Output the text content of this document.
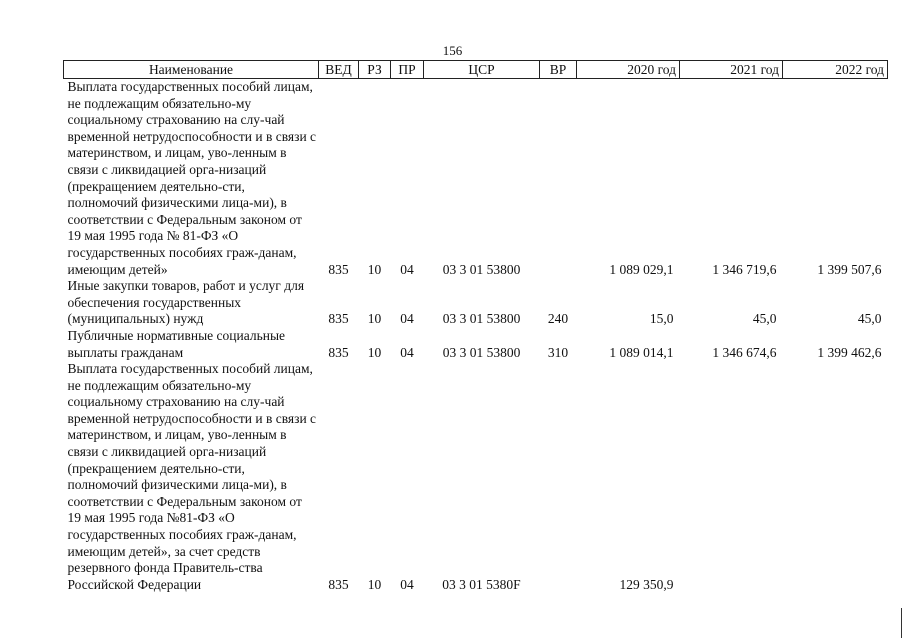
156
Наименование	ВЕД	РЗ	ПР	ЦСР	ВР	2020 год	2021 год	2022 год
Выплата государственных пособий лицам, не подлежащим обязательно-му социальному страхованию на слу-чай временной нетрудоспособности и в связи с материнством, и лицам, уво-ленным в связи с ликвидацией орга-низаций (прекращением деятельно-сти, полномочий физическими лица-ми), в соответствии с Федеральным законом от 19 мая 1995 года № 81-ФЗ «О государственных пособиях граж-данам, имеющим детей»	835	10	04	03 3 01 53800		1 089 029,1	1 346 719,6	1 399 507,6
Иные закупки товаров, работ и услуг для обеспечения государственных (муниципальных) нужд	835	10	04	03 3 01 53800	240	15,0	45,0	45,0
Публичные нормативные социальные выплаты гражданам	835	10	04	03 3 01 53800	310	1 089 014,1	1 346 674,6	1 399 462,6
Выплата государственных пособий лицам, не подлежащим обязательно-му социальному страхованию на слу-чай временной нетрудоспособности и в связи с материнством, и лицам, уво-ленным в связи с ликвидацией орга-низаций (прекращением деятельно-сти, полномочий физическими лица-ми), в соответствии с Федеральным законом от 19 мая 1995 года №81-ФЗ «О государственных пособиях граж-данам, имеющим детей», за счет средств резервного фонда Правитель-ства Российской Федерации	835	10	04	03 3 01 5380F		129 350,9		
